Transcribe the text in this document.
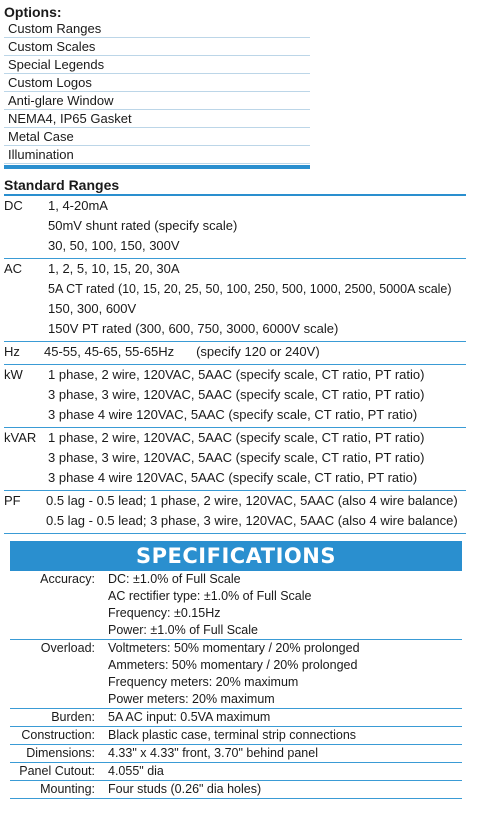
Options:
Custom Ranges
Custom Scales
Special Legends
Custom Logos
Anti-glare Window
NEMA4, IP65 Gasket
Metal Case
Illumination
Standard Ranges
DC 1, 4-20mA
50mV shunt rated (specify scale)
30, 50, 100, 150, 300V
AC 1, 2, 5, 10, 15, 20, 30A
5A CT rated (10, 15, 20, 25, 50, 100, 250, 500, 1000, 2500, 5000A scale)
150, 300, 600V
150V PT rated (300, 600, 750, 3000, 6000V scale)
Hz 45-55, 45-65, 55-65Hz (specify 120 or 240V)
kW 1 phase, 2 wire, 120VAC, 5AAC (specify scale, CT ratio, PT ratio)
3 phase, 3 wire, 120VAC, 5AAC (specify scale, CT ratio, PT ratio)
3 phase 4 wire 120VAC, 5AAC (specify scale, CT ratio, PT ratio)
kVAR 1 phase, 2 wire, 120VAC, 5AAC (specify scale, CT ratio, PT ratio)
3 phase, 3 wire, 120VAC, 5AAC (specify scale, CT ratio, PT ratio)
3 phase 4 wire 120VAC, 5AAC (specify scale, CT ratio, PT ratio)
PF 0.5 lag - 0.5 lead; 1 phase, 2 wire, 120VAC, 5AAC (also 4 wire balance)
0.5 lag - 0.5 lead; 3 phase, 3 wire, 120VAC, 5AAC (also 4 wire balance)
SPECIFICATIONS
Accuracy: DC: ±1.0% of Full Scale
AC rectifier type: ±1.0% of Full Scale
Frequency: ±0.15Hz
Power: ±1.0% of Full Scale
Overload: Voltmeters: 50% momentary / 20% prolonged
Ammeters: 50% momentary / 20% prolonged
Frequency meters: 20% maximum
Power meters: 20% maximum
Burden: 5A AC input: 0.5VA maximum
Construction: Black plastic case, terminal strip connections
Dimensions: 4.33" x 4.33" front, 3.70" behind panel
Panel Cutout: 4.055" dia
Mounting: Four studs (0.26" dia holes)
